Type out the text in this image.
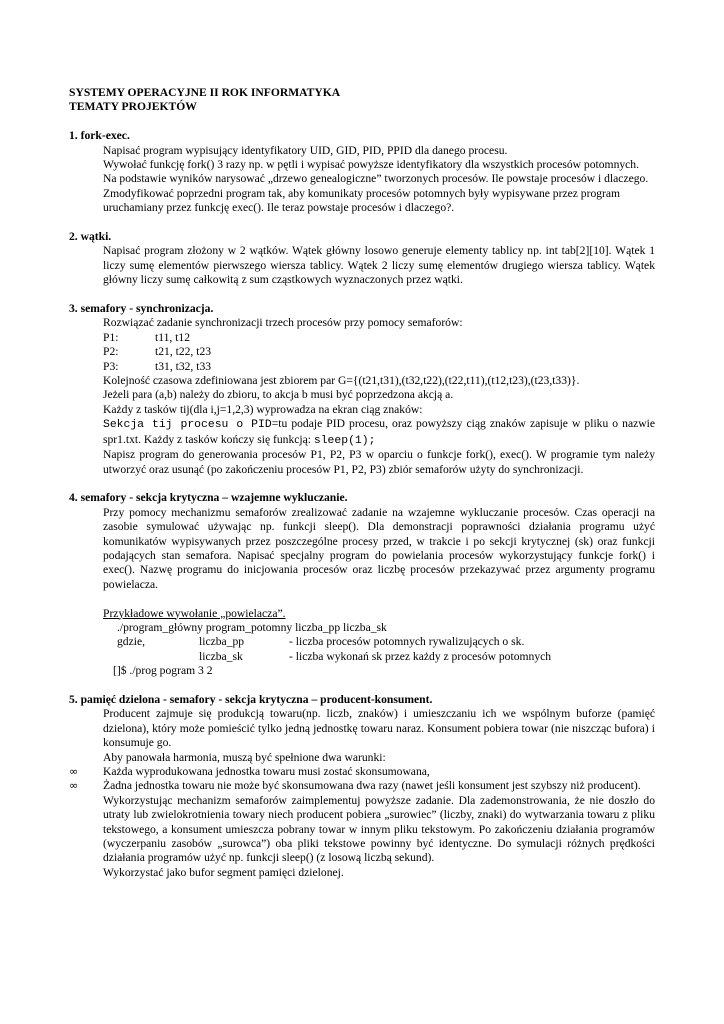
SYSTEMY OPERACYJNE II ROK INFORMATYKA

TEMATY PROJEKTÓW

1. fork-exec.

Napisać program wypisujący identyfikatory UID, GID, PID, PPID dla danego procesu.

Wywołać funkcję fork() 3 razy np. w pętli i wypisać powyższe identyfikatory dla wszystkich procesów potomnych.

Na podstawie wyników narysować „drzewo genealogiczne” tworzonych procesów. Ile powstaje procesów i dlaczego.

Zmodyfikować poprzedni program tak, aby komunikaty procesów potomnych były wypisywane przez program uruchamiany przez funkcję exec(). Ile teraz powstaje procesów i dlaczego?.

2. wątki.

Napisać program złożony w 2 wątków. Wątek główny losowo generuje elementy tablicy np. int tab[2][10]. Wątek 1 liczy sumę elementów pierwszego wiersza tablicy. Wątek 2 liczy sumę elementów drugiego wiersza tablicy. Wątek główny liczy sumę całkowitą z sum cząstkowych wyznaczonych przez wątki.

3. semafory - synchronizacja.

Rozwiązać zadanie synchronizacji trzech procesów przy pomocy semaforów:

P1:	t11, t12
P2:	t21, t22, t23
P3:	t31, t32, t33

Kolejność czasowa zdefiniowana jest zbiorem par G={(t21,t31),(t32,t22),(t22,t11),(t12,t23),(t23,t33)}.

Jeżeli para (a,b) należy do zbioru, to akcja b musi być poprzedzona akcją a.

Każdy z tasków tij(dla i,j=1,2,3) wyprowadza na ekran ciąg znaków:

Sekcja tij procesu o PID=tu podaje PID procesu, oraz powyższy ciąg znaków zapisuje w pliku o nazwie spr1.txt. Każdy z tasków kończy się funkcją: sleep(1);

Napisz program do generowania procesów P1, P2, P3 w oparciu o funkcje fork(), exec(). W programie tym należy utworzyć oraz usunąć (po zakończeniu procesów P1, P2, P3) zbiór semaforów użyty do synchronizacji.

4. semafory - sekcja krytyczna – wzajemne wykluczanie.

Przy pomocy mechanizmu semaforów zrealizować zadanie na wzajemne wykluczanie procesów. Czas operacji na zasobie symulować używając np. funkcji sleep(). Dla demonstracji poprawności działania programu użyć komunikatów wypisywanych przez poszczególne procesy przed, w trakcie i po sekcji krytycznej (sk) oraz funkcji podających stan semafora. Napisać specjalny program do powielania procesów wykorzystujący funkcje fork() i exec(). Nazwę programu do inicjowania procesów oraz liczbę procesów przekazywać przez argumenty programu powielacza.

Przykładowe wywołanie „powielacza”.

./program_główny program_potomny liczba_pp liczba_sk

gdzie,	liczba_pp	- liczba procesów potomnych rywalizujących o sk.
liczba_sk	- liczba wykonań sk przez każdy z procesów potomnych

[]$ ./prog pogram 3 2

5. pamięć dzielona - semafory - sekcja krytyczna – producent-konsument.

Producent zajmuje się produkcją towaru(np. liczb, znaków) i umieszczaniu ich we wspólnym buforze (pamięć dzielona), który może pomieścić tylko jedną jednostkę towaru naraz. Konsument pobiera towar (nie niszcząc bufora) i konsumuje go.

Aby panowała harmonia, muszą być spełnione dwa warunki:

∞	Każda wyprodukowana jednostka towaru musi zostać skonsumowana,
∞	Żadna jednostka towaru nie może być skonsumowana dwa razy (nawet jeśli konsument jest szybszy niż producent).

Wykorzystując mechanizm semaforów zaimplementuj powyższe zadanie. Dla zademonstrowania, że nie doszło do utraty lub zwielokrotnienia towary niech producent pobiera „surowiec” (liczby, znaki) do wytwarzania towaru z pliku tekstowego, a konsument umieszcza pobrany towar w innym pliku tekstowym. Po zakończeniu działania programów (wyczerpaniu zasobów „surowca”) oba pliki tekstowe powinny być identyczne. Do symulacji różnych prędkości działania programów użyć np. funkcji sleep() (z losową liczbą sekund).

Wykorzystać jako bufor segment pamięci dzielonej.
